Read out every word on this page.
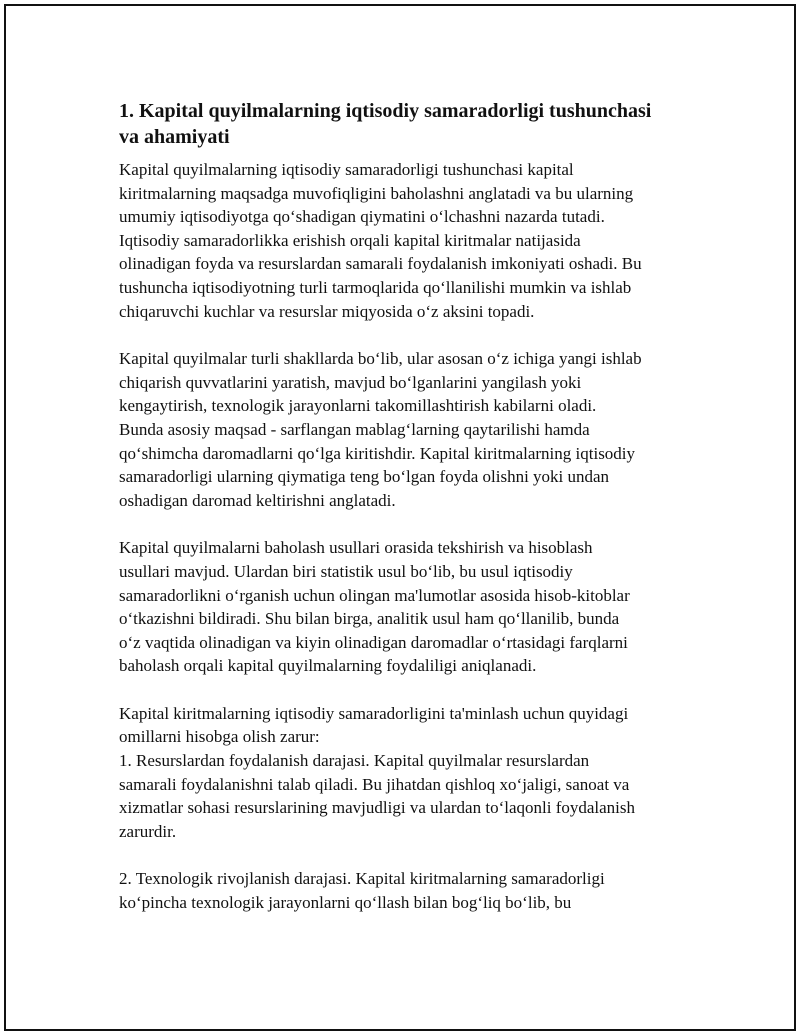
1. Kapital quyilmalarning iqtisodiy samaradorligi tushunchasi
va ahamiyati

Kapital quyilmalarning iqtisodiy samaradorligi tushunchasi kapital
kiritmalarning maqsadga muvofiqligini baholashni anglatadi va bu ularning
umumiy iqtisodiyotga qo‘shadigan qiymatini o‘lchashni nazarda tutadi.
Iqtisodiy samaradorlikka erishish orqali kapital kiritmalar natijasida
olinadigan foyda va resurslardan samarali foydalanish imkoniyati oshadi. Bu
tushuncha iqtisodiyotning turli tarmoqlarida qo‘llanilishi mumkin va ishlab
chiqaruvchi kuchlar va resurslar miqyosida o‘z aksini topadi.

Kapital quyilmalar turli shakllarda bo‘lib, ular asosan o‘z ichiga yangi ishlab
chiqarish quvvatlarini yaratish, mavjud bo‘lganlarini yangilash yoki
kengaytirish, texnologik jarayonlarni takomillashtirish kabilarni oladi.
Bunda asosiy maqsad - sarflangan mablag‘larning qaytarilishi hamda
qo‘shimcha daromadlarni qo‘lga kiritishdir. Kapital kiritmalarning iqtisodiy
samaradorligi ularning qiymatiga teng bo‘lgan foyda olishni yoki undan
oshadigan daromad keltirishni anglatadi.

Kapital quyilmalarni baholash usullari orasida tekshirish va hisoblash
usullari mavjud. Ulardan biri statistik usul bo‘lib, bu usul iqtisodiy
samaradorlikni o‘rganish uchun olingan ma'lumotlar asosida hisob-kitoblar
o‘tkazishni bildiradi. Shu bilan birga, analitik usul ham qo‘llanilib, bunda
o‘z vaqtida olinadigan va kiyin olinadigan daromadlar o‘rtasidagi farqlarni
baholash orqali kapital quyilmalarning foydaliligi aniqlanadi.

Kapital kiritmalarning iqtisodiy samaradorligini ta'minlash uchun quyidagi
omillarni hisobga olish zarur:
1. Resurslardan foydalanish darajasi. Kapital quyilmalar resurslardan
samarali foydalanishni talab qiladi. Bu jihatdan qishloq xo‘jaligi, sanoat va
xizmatlar sohasi resurslarining mavjudligi va ulardan to‘laqonli foydalanish
zarurdir.

2. Texnologik rivojlanish darajasi. Kapital kiritmalarning samaradorligi
ko‘pincha texnologik jarayonlarni qo‘llash bilan bog‘liq bo‘lib, bu
